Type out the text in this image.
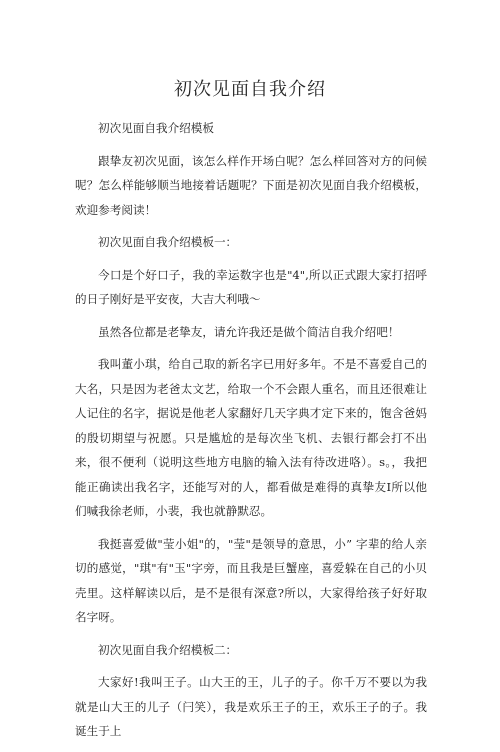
初次见面自我介绍

初次见面自我介绍模板

跟挚友初次见面，该怎么样作开场白呢？怎么样回答对方的问候呢？怎么样能够顺当地接着话题呢？下面是初次见面自我介绍模板，欢迎参考阅读！

初次见面自我介绍模板一：

今口是个好口子，我的幸运数字也是"4",所以正式跟大家打招呼的日子刚好是平安夜，大吉大利哦～

虽然各位都是老挚友，请允许我还是做个简洁自我介绍吧！

我叫董小琪，给自己取的新名字已用好多年。不是不喜爱自己的大名，只是因为老爸太文艺，给取一个不会跟人重名，而且还很难让人记住的名字，据说是他老人家翻好几天字典才定下来的，饱含爸妈的殷切期望与祝愿。只是尴尬的是每次坐飞机、去银行都会打不出来，很不便利（说明这些地方电脑的输入法有待改进咯）。s。，我把能正确读出我名字，还能写对的人，都看做是难得的真挚友I所以他们喊我徐老师，小裴，我也就静默忍。

我挺喜爱做"莹小姐"的，"莹"是领导的意思，小” 字辈的给人亲切的感觉，"琪"有"玉"字旁，而且我是巨蟹座，喜爱躲在自己的小贝壳里。这样解读以后，是不是很有深意?所以，大家得给孩子好好取名字呀。

初次见面自我介绍模板二：

大家好!我叫王子。山大王的王，儿子的子。你千万不要以为我就是山大王的儿子（闩笑），我是欢乐王子的王，欢乐王子的子。我诞生于上
